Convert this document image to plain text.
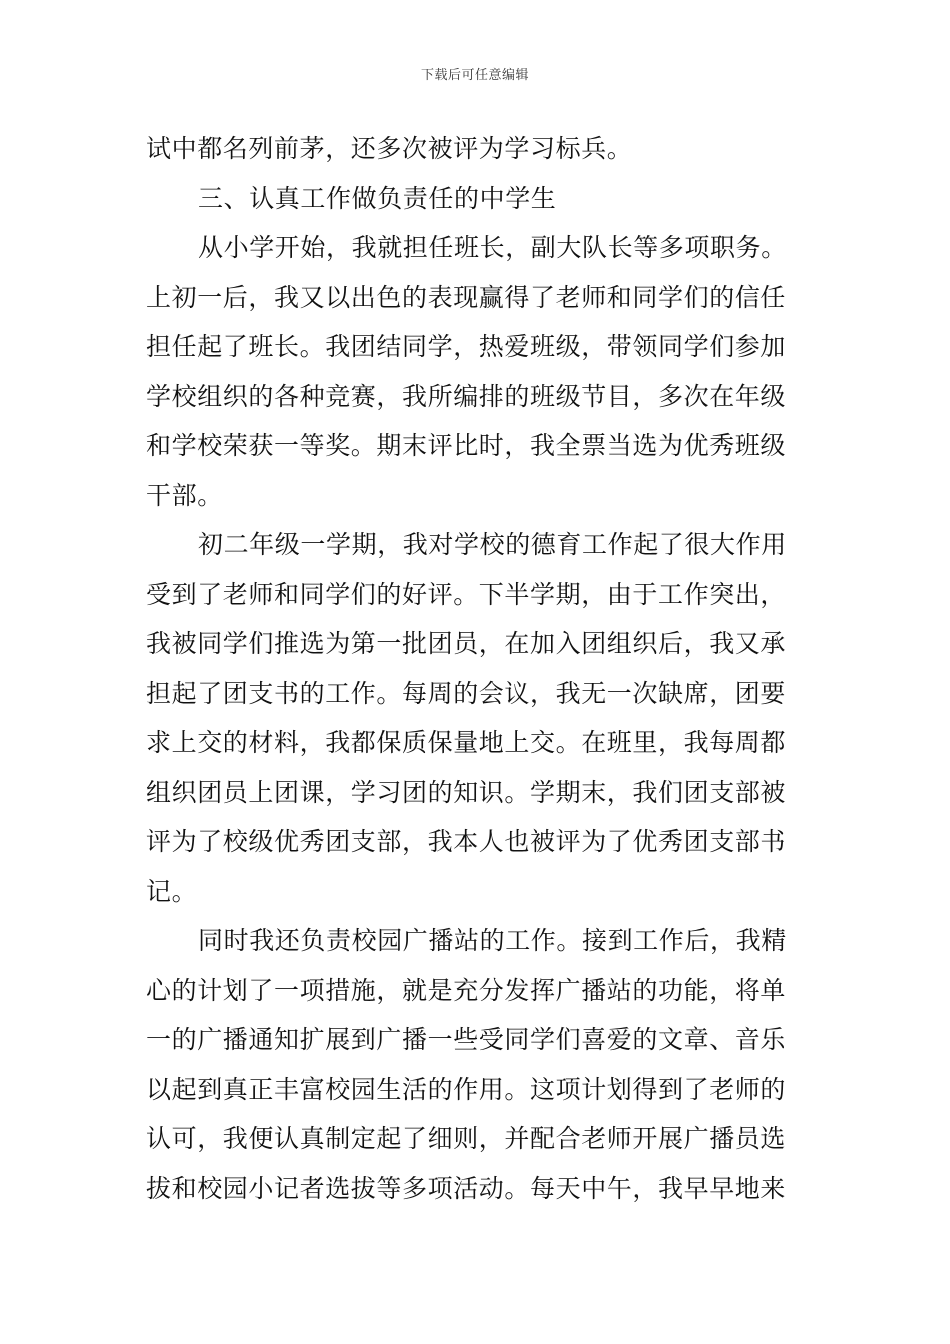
下载后可任意编辑
试中都名列前茅，还多次被评为学习标兵。
三、认真工作做负责任的中学生
从小学开始，我就担任班长，副大队长等多项职务。
上初一后，我又以出色的表现赢得了老师和同学们的信任
担任起了班长。我团结同学，热爱班级，带领同学们参加
学校组织的各种竞赛，我所编排的班级节目，多次在年级
和学校荣获一等奖。期末评比时，我全票当选为优秀班级
干部。
初二年级一学期，我对学校的德育工作起了很大作用
受到了老师和同学们的好评。下半学期，由于工作突出，
我被同学们推选为第一批团员，在加入团组织后，我又承
担起了团支书的工作。每周的会议，我无一次缺席，团要
求上交的材料，我都保质保量地上交。在班里，我每周都
组织团员上团课，学习团的知识。学期末，我们团支部被
评为了校级优秀团支部，我本人也被评为了优秀团支部书
记。
同时我还负责校园广播站的工作。接到工作后，我精
心的计划了一项措施，就是充分发挥广播站的功能，将单
一的广播通知扩展到广播一些受同学们喜爱的文章、音乐
以起到真正丰富校园生活的作用。这项计划得到了老师的
认可，我便认真制定起了细则，并配合老师开展广播员选
拔和校园小记者选拔等多项活动。每天中午，我早早地来
